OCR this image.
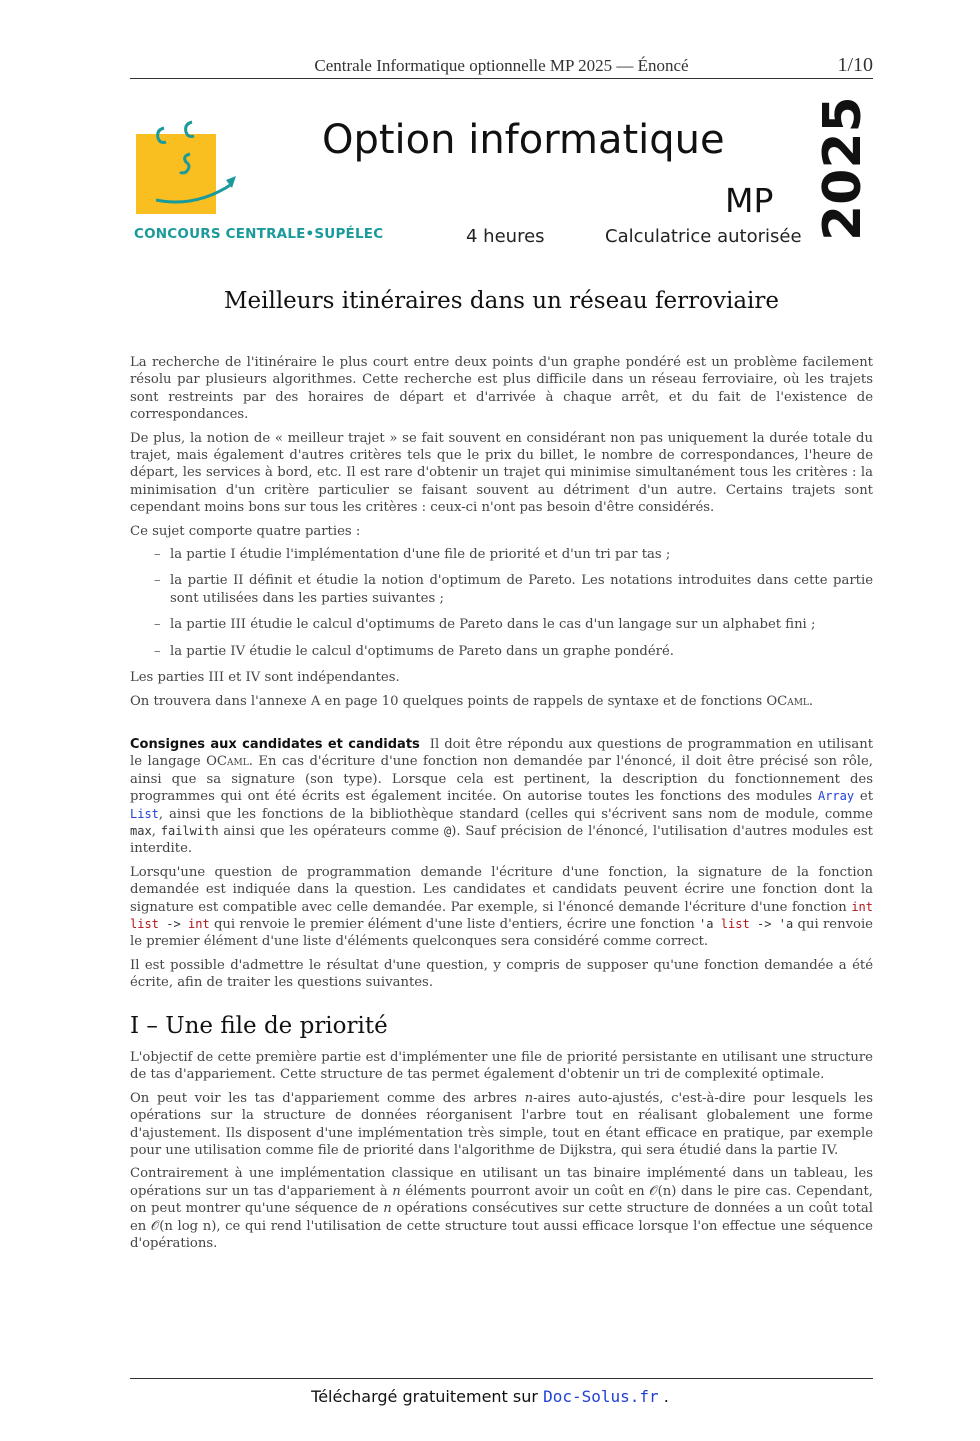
Centrale Informatique optionnelle MP 2025 — Énoncé	1/10
CONCOURS CENTRALE•SUPÉLEC
Option informatique
MP
4 heures	Calculatrice autorisée 2025
Meilleurs itinéraires dans un réseau ferroviaire

La recherche de l'itinéraire le plus court entre deux points d'un graphe pondéré est un problème facilement résolu par plusieurs algorithmes. Cette recherche est plus difficile dans un réseau ferroviaire, où les trajets sont restreints par des horaires de départ et d'arrivée à chaque arrêt, et du fait de l'existence de correspondances.

De plus, la notion de « meilleur trajet » se fait souvent en considérant non pas uniquement la durée totale du trajet, mais également d'autres critères tels que le prix du billet, le nombre de correspondances, l'heure de départ, les services à bord, etc. Il est rare d'obtenir un trajet qui minimise simultanément tous les critères : la minimisation d'un critère particulier se faisant souvent au détriment d'un autre. Certains trajets sont cependant moins bons sur tous les critères : ceux-ci n'ont pas besoin d'être considérés.

Ce sujet comporte quatre parties :

– la partie I étudie l'implémentation d'une file de priorité et d'un tri par tas ;
– la partie II définit et étudie la notion d'optimum de Pareto. Les notations introduites dans cette partie sont utilisées dans les parties suivantes ;
– la partie III étudie le calcul d'optimums de Pareto dans le cas d'un langage sur un alphabet fini ;
– la partie IV étudie le calcul d'optimums de Pareto dans un graphe pondéré.

Les parties III et IV sont indépendantes.

On trouvera dans l'annexe A en page 10 quelques points de rappels de syntaxe et de fonctions OCaml.

Consignes aux candidates et candidats Il doit être répondu aux questions de programmation en utilisant le langage OCaml. En cas d'écriture d'une fonction non demandée par l'énoncé, il doit être précisé son rôle, ainsi que sa signature (son type). Lorsque cela est pertinent, la description du fonctionnement des programmes qui ont été écrits est également incitée. On autorise toutes les fonctions des modules Array et List, ainsi que les fonctions de la bibliothèque standard (celles qui s'écrivent sans nom de module, comme max, failwith ainsi que les opérateurs comme @). Sauf précision de l'énoncé, l'utilisation d'autres modules est interdite.

Lorsqu'une question de programmation demande l'écriture d'une fonction, la signature de la fonction demandée est indiquée dans la question. Les candidates et candidats peuvent écrire une fonction dont la signature est compatible avec celle demandée. Par exemple, si l'énoncé demande l'écriture d'une fonction int list -> int qui renvoie le premier élément d'une liste d'entiers, écrire une fonction 'a list -> 'a qui renvoie le premier élément d'une liste d'éléments quelconques sera considéré comme correct.

Il est possible d'admettre le résultat d'une question, y compris de supposer qu'une fonction demandée a été écrite, afin de traiter les questions suivantes.

I – Une file de priorité

L'objectif de cette première partie est d'implémenter une file de priorité persistante en utilisant une structure de tas d'appariement. Cette structure de tas permet également d'obtenir un tri de complexité optimale.

On peut voir les tas d'appariement comme des arbres n-aires auto-ajustés, c'est-à-dire pour lesquels les opérations sur la structure de données réorganisent l'arbre tout en réalisant globalement une forme d'ajustement. Ils disposent d'une implémentation très simple, tout en étant efficace en pratique, par exemple pour une utilisation comme file de priorité dans l'algorithme de Dijkstra, qui sera étudié dans la partie IV.

Contrairement à une implémentation classique en utilisant un tas binaire implémenté dans un tableau, les opérations sur un tas d'appariement à n éléments pourront avoir un coût en 𝒪(n) dans le pire cas. Cependant, on peut montrer qu'une séquence de n opérations consécutives sur cette structure de données a un coût total en 𝒪(n log n), ce qui rend l'utilisation de cette structure tout aussi efficace lorsque l'on effectue une séquence d'opérations.

Téléchargé gratuitement sur Doc-Solus.fr .
